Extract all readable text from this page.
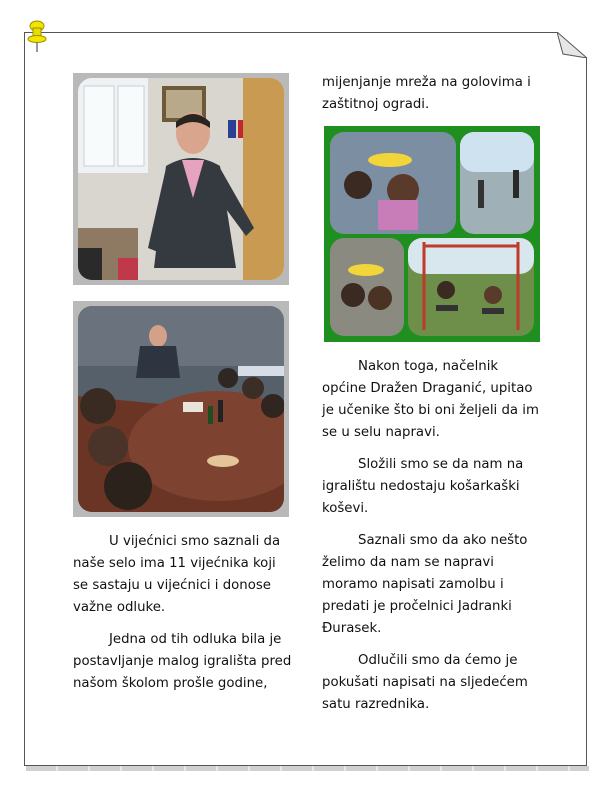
U vijećnici smo saznali da naše selo ima 11 vijećnika koji se sastaju u vijećnici i donose važne odluke.

Jedna od tih odluka bila je postavljanje malog igrališta pred našom školom prošle godine,

mijenjanje mreža na golovima i zaštitnoj ogradi.

Nakon toga, načelnik općine Dražen Draganić, upitao je učenike što bi oni željeli da im se u selu napravi.

Složili smo se da nam na igralištu nedostaju košarkaški koševi.

Saznali smo da ako nešto želimo da nam se napravi moramo napisati zamolbu i predati je pročelnici Jadranki Đurasek.

Odlučili smo da ćemo je pokušati napisati na sljedećem satu razrednika.
